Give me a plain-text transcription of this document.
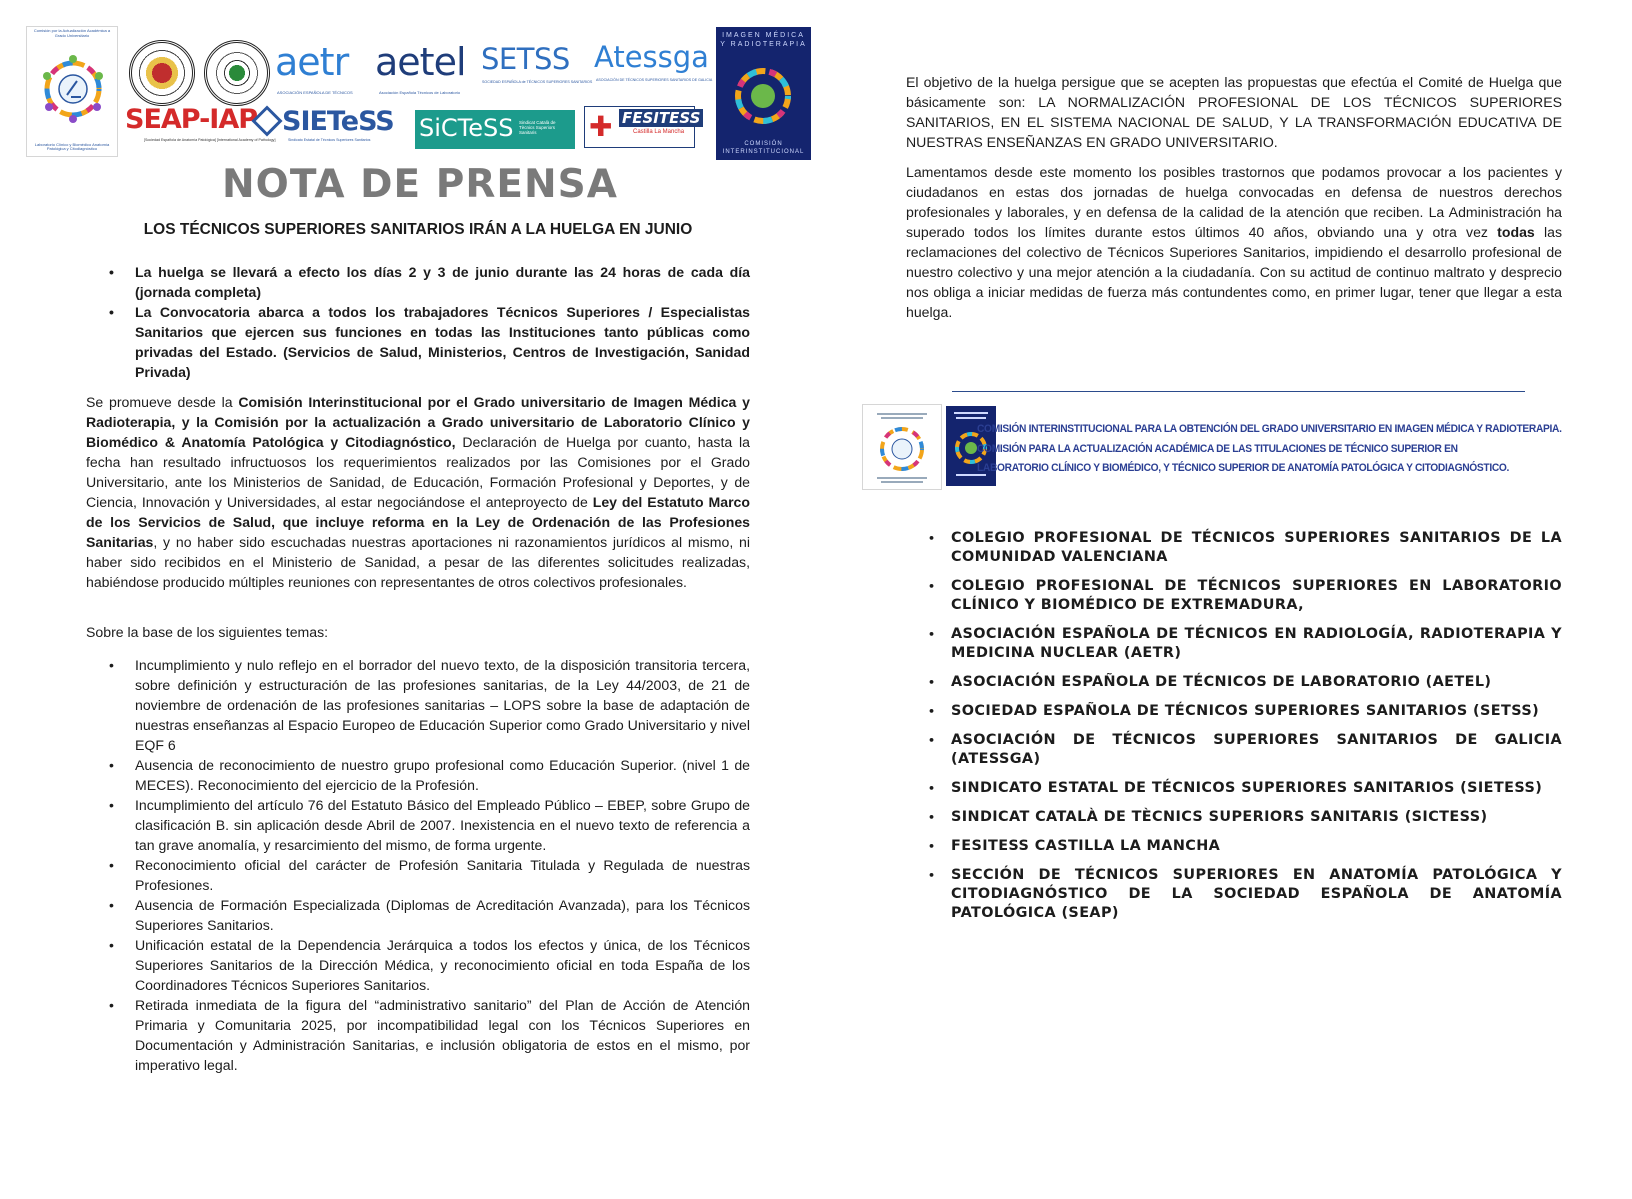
Comisión por la Actualización Académica a Grado Universitario
Laboratorio Clínico y Biomédico Anatomía Patológica y Citodiagnóstico
aetr
ASOCIACIÓN ESPAÑOLA DE TÉCNICOS
aetel
Asociación Española Técnicos de Laboratorio
SETSS
SOCIEDAD ESPAÑOLA de TÉCNICOS SUPERIORES SANITARIOS
Atessga
ASOCIACIÓN DE TÉCNICOS SUPERIORES SANITARIOS DE GALICIA
SEAP-IAP
[Sociedad Española de Anatomía Patológica] [International Academy of Pathology]
SIETeSS
Sindicato Estatal de Técnicos Superiores Sanitarios SiCTeSS Sindicat Català de Tècnics Superiors Sanitaris	✚ FESITESS
Castilla La Mancha
IMAGEN MÉDICA Y RADIOTERAPIA
COMISIÓN INTERINSTITUCIONAL
NOTA DE PRENSA
LOS TÉCNICOS SUPERIORES SANITARIOS IRÁN A LA HUELGA EN JUNIO
• La huelga se llevará a efecto los días 2 y 3 de junio durante las 24 horas de cada día (jornada completa)
• La Convocatoria abarca a todos los trabajadores Técnicos Superiores / Especialistas Sanitarios que ejercen sus funciones en todas las Instituciones tanto públicas como privadas del Estado. (Servicios de Salud, Ministerios, Centros de Investigación, Sanidad Privada)

Se promueve desde la Comisión Interinstitucional por el Grado universitario de Imagen Médica y Radioterapia, y la Comisión por la actualización a Grado universitario de Laboratorio Clínico y Biomédico & Anatomía Patológica y Citodiagnóstico, Declaración de Huelga por cuanto, hasta la fecha han resultado infructuosos los requerimientos realizados por las Comisiones por el Grado Universitario, ante los Ministerios de Sanidad, de Educación, Formación Profesional y Deportes, y de Ciencia, Innovación y Universidades, al estar negociándose el anteproyecto de Ley del Estatuto Marco de los Servicios de Salud, que incluye reforma en la Ley de Ordenación de las Profesiones Sanitarias, y no haber sido escuchadas nuestras aportaciones ni razonamientos jurídicos al mismo, ni haber sido recibidos en el Ministerio de Sanidad, a pesar de las diferentes solicitudes realizadas, habiéndose producido múltiples reuniones con representantes de otros colectivos profesionales.

Sobre la base de los siguientes temas:

• Incumplimiento y nulo reflejo en el borrador del nuevo texto, de la disposición transitoria tercera, sobre definición y estructuración de las profesiones sanitarias, de la Ley 44/2003, de 21 de noviembre de ordenación de las profesiones sanitarias – LOPS sobre la base de adaptación de nuestras enseñanzas al Espacio Europeo de Educación Superior como Grado Universitario y nivel EQF 6
• Ausencia de reconocimiento de nuestro grupo profesional como Educación Superior. (nivel 1 de MECES). Reconocimiento del ejercicio de la Profesión.
• Incumplimiento del artículo 76 del Estatuto Básico del Empleado Público – EBEP, sobre Grupo de clasificación B. sin aplicación desde Abril de 2007. Inexistencia en el nuevo texto de referencia a tan grave anomalía, y resarcimiento del mismo, de forma urgente.
• Reconocimiento oficial del carácter de Profesión Sanitaria Titulada y Regulada de nuestras Profesiones.
• Ausencia de Formación Especializada (Diplomas de Acreditación Avanzada), para los Técnicos Superiores Sanitarios.
• Unificación estatal de la Dependencia Jerárquica a todos los efectos y única, de los Técnicos Superiores Sanitarios de la Dirección Médica, y reconocimiento oficial en toda España de los Coordinadores Técnicos Superiores Sanitarios.
• Retirada inmediata de la figura del “administrativo sanitario” del Plan de Acción de Atención Primaria y Comunitaria 2025, por incompatibilidad legal con los Técnicos Superiores en Documentación y Administración Sanitarias, e inclusión obligatoria de estos en el mismo, por imperativo legal.

El objetivo de la huelga persigue que se acepten las propuestas que efectúa el Comité de Huelga que básicamente son: LA NORMALIZACIÓN PROFESIONAL DE LOS TÉCNICOS SUPERIORES SANITARIOS, EN EL SISTEMA NACIONAL DE SALUD, Y LA TRANSFORMACIÓN EDUCATIVA DE NUESTRAS ENSEÑANZAS EN GRADO UNIVERSITARIO.

Lamentamos desde este momento los posibles trastornos que podamos provocar a los pacientes y ciudadanos en estas dos jornadas de huelga convocadas en defensa de nuestros derechos profesionales y laborales, y en defensa de la calidad de la atención que reciben. La Administración ha superado todos los límites durante estos últimos 40 años, obviando una y otra vez todas las reclamaciones del colectivo de Técnicos Superiores Sanitarios, impidiendo el desarrollo profesional de nuestro colectivo y una mejor atención a la ciudadanía. Con su actitud de continuo maltrato y desprecio nos obliga a iniciar medidas de fuerza más contundentes como, en primer lugar, tener que llegar a esta huelga.

COMISIÓN INTERINSTITUCIONAL PARA LA OBTENCIÓN DEL GRADO UNIVERSITARIO EN IMAGEN MÉDICA Y RADIOTERAPIA.
COMISIÓN PARA LA ACTUALIZACIÓN ACADÉMICA DE LAS TITULACIONES DE TÉCNICO SUPERIOR EN
LABORATORIO CLÍNICO Y BIOMÉDICO, Y TÉCNICO SUPERIOR DE ANATOMÍA PATOLÓGICA Y CITODIAGNÓSTICO.
• COLEGIO PROFESIONAL DE TÉCNICOS SUPERIORES SANITARIOS DE LA COMUNIDAD VALENCIANA
• COLEGIO PROFESIONAL DE TÉCNICOS SUPERIORES EN LABORATORIO CLÍNICO Y BIOMÉDICO DE EXTREMADURA,
• ASOCIACIÓN ESPAÑOLA DE TÉCNICOS EN RADIOLOGÍA, RADIOTERAPIA Y MEDICINA NUCLEAR (AETR)
• ASOCIACIÓN ESPAÑOLA DE TÉCNICOS DE LABORATORIO (AETEL)
• SOCIEDAD ESPAÑOLA DE TÉCNICOS SUPERIORES SANITARIOS (SETSS)
• ASOCIACIÓN DE TÉCNICOS SUPERIORES SANITARIOS DE GALICIA (ATESSGA)
• SINDICATO ESTATAL DE TÉCNICOS SUPERIORES SANITARIOS (SIETESS)
• SINDICAT CATALÀ DE TÈCNICS SUPERIORS SANITARIS (SICTESS)
• FESITESS CASTILLA LA MANCHA
• SECCIÓN DE TÉCNICOS SUPERIORES EN ANATOMÍA PATOLÓGICA Y CITODIAGNÓSTICO DE LA SOCIEDAD ESPAÑOLA DE ANATOMÍA PATOLÓGICA (SEAP)
